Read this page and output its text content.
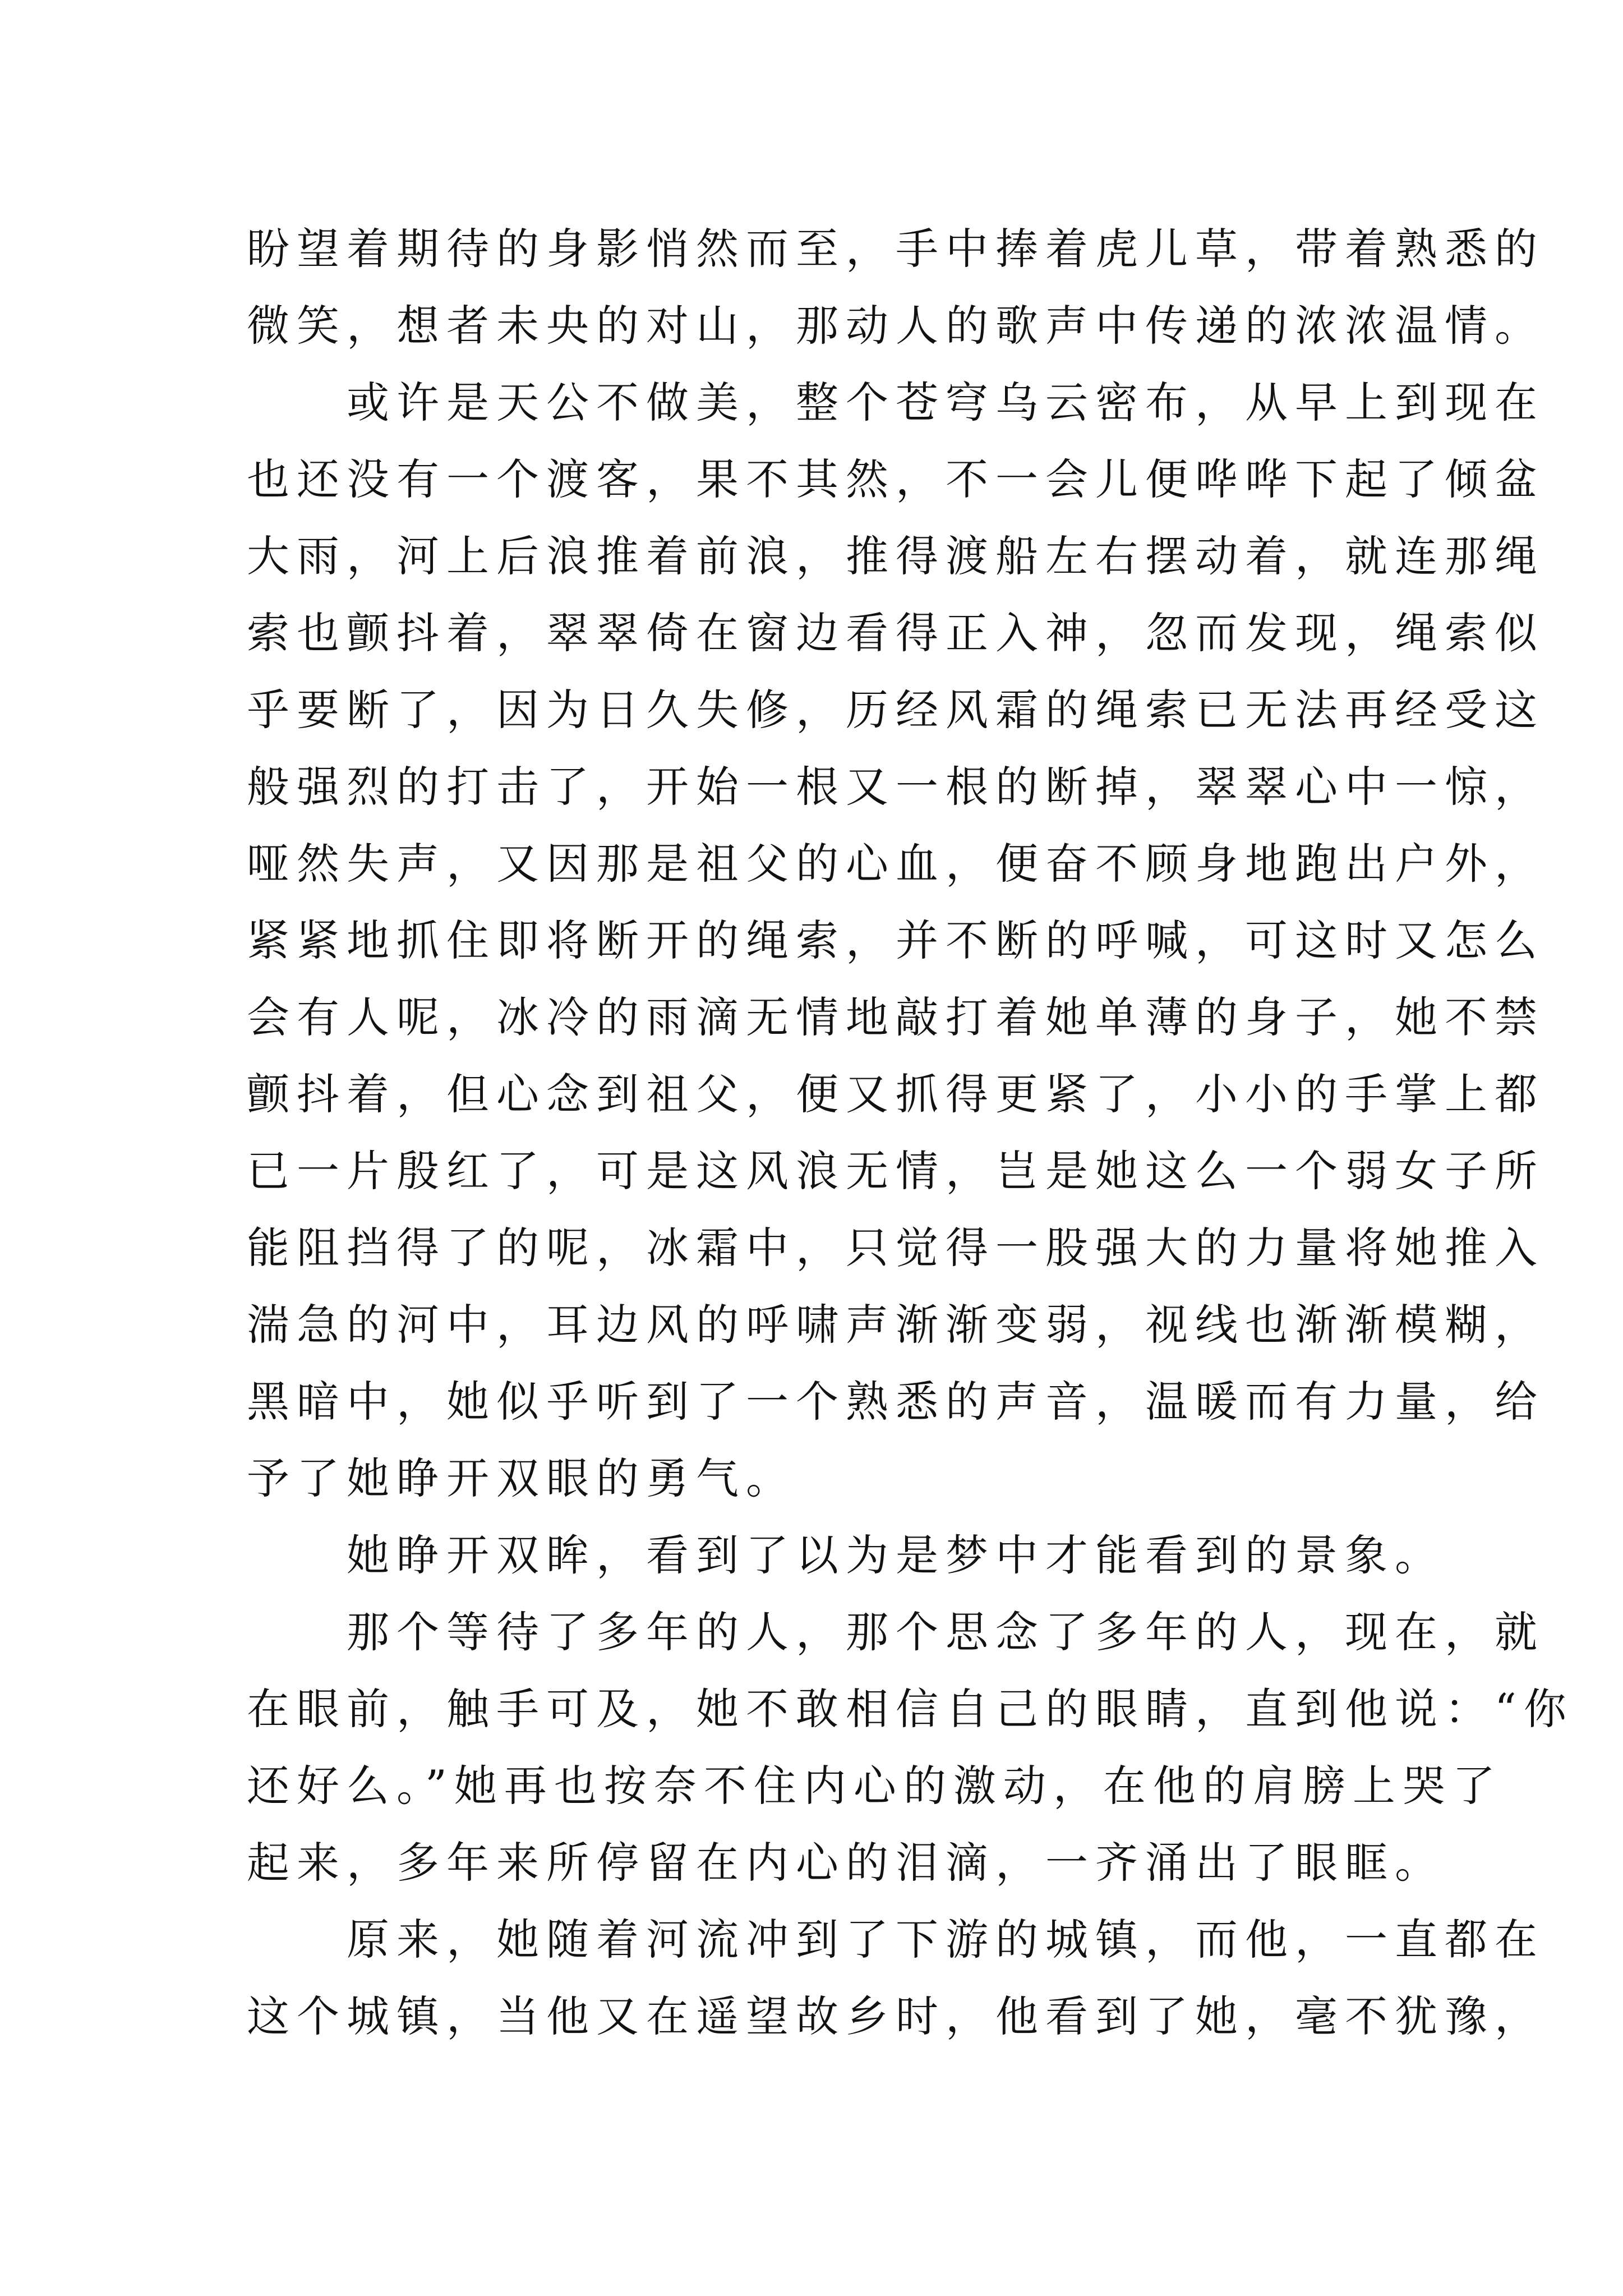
盼望着期待的身影悄然而至，手中捧着虎儿草，带着熟悉的
微笑，想者未央的对山，那动人的歌声中传递的浓浓温情。
或许是天公不做美，整个苍穹乌云密布，从早上到现在
也还没有一个渡客，果不其然，不一会儿便哗哗下起了倾盆
大雨，河上后浪推着前浪，推得渡船左右摆动着，就连那绳
索也颤抖着，翠翠倚在窗边看得正入神，忽而发现，绳索似
乎要断了，因为日久失修，历经风霜的绳索已无法再经受这
般强烈的打击了，开始一根又一根的断掉，翠翠心中一惊，
哑然失声，又因那是祖父的心血，便奋不顾身地跑出户外，
紧紧地抓住即将断开的绳索，并不断的呼喊，可这时又怎么
会有人呢，冰冷的雨滴无情地敲打着她单薄的身子，她不禁
颤抖着，但心念到祖父，便又抓得更紧了，小小的手掌上都
已一片殷红了，可是这风浪无情，岂是她这么一个弱女子所
能阻挡得了的呢，冰霜中，只觉得一股强大的力量将她推入
湍急的河中，耳边风的呼啸声渐渐变弱，视线也渐渐模糊，
黑暗中，她似乎听到了一个熟悉的声音，温暖而有力量，给
予了她睁开双眼的勇气。
她睁开双眸，看到了以为是梦中才能看到的景象。
那个等待了多年的人，那个思念了多年的人，现在，就
在眼前，触手可及，她不敢相信自己的眼睛，直到他说：“你
还好么。”她再也按奈不住内心的激动，在他的肩膀上哭了
起来，多年来所停留在内心的泪滴，一齐涌出了眼眶。
原来，她随着河流冲到了下游的城镇，而他，一直都在
这个城镇，当他又在遥望故乡时，他看到了她，毫不犹豫，
